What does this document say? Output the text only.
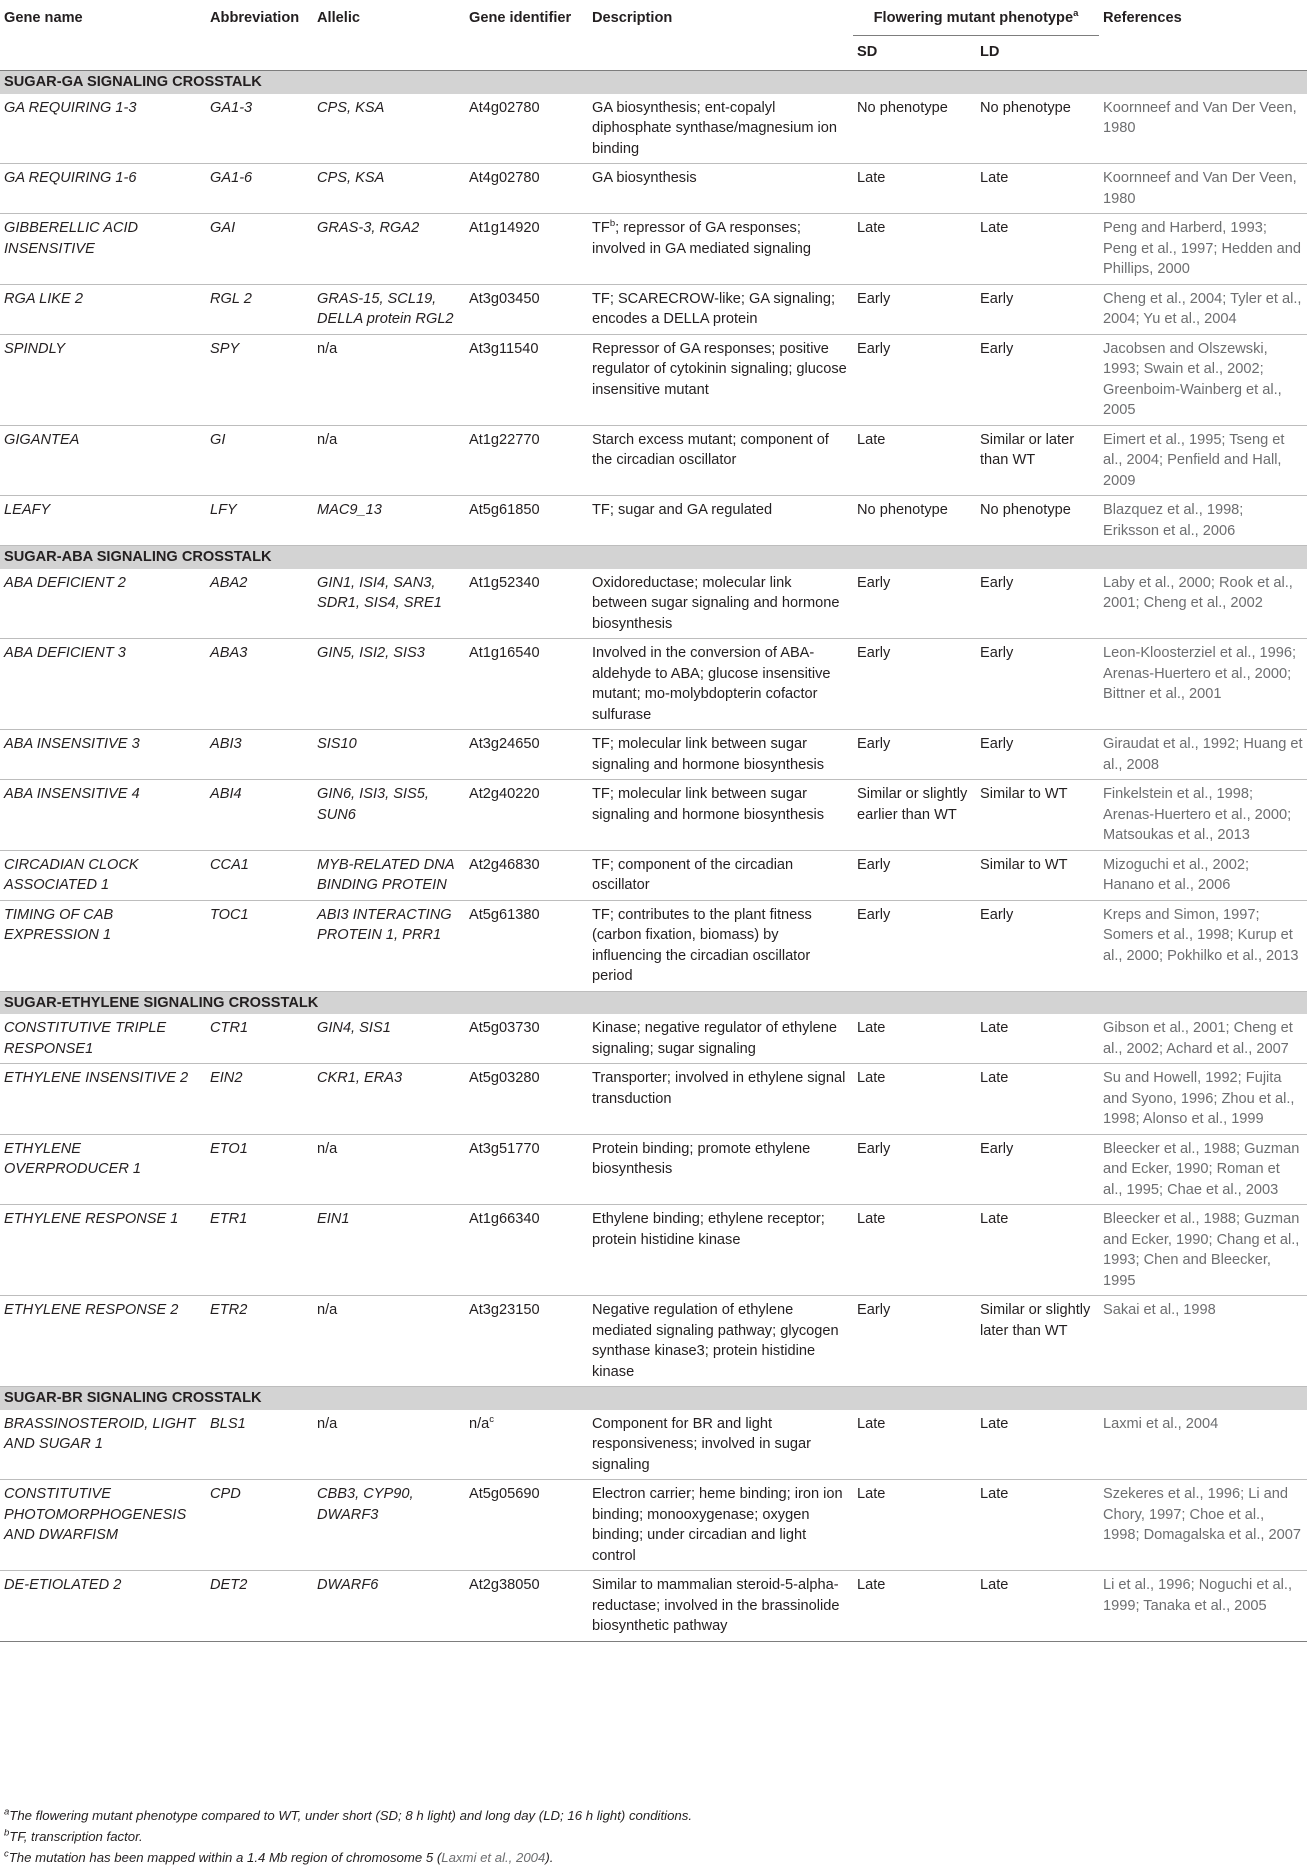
Gene name	Abbreviation	Allelic	Gene identifier	Description	Flowering mutant phenotype$^a$		References
					SD	LD	
SUGAR-GA SIGNALING CROSSTALK							
GA REQUIRING 1-3	GA1-3	CPS, KSA	At4g02780	GA biosynthesis; ent-copalyl diphosphate synthase/magnesium ion binding	No phenotype	No phenotype	Koornneef and Van Der Veen, 1980
GA REQUIRING 1-6	GA1-6	CPS, KSA	At4g02780	GA biosynthesis	Late	Late	Koornneef and Van Der Veen, 1980
GIBBERELLIC ACID INSENSITIVE	GAI	GRAS-3, RGA2	At1g14920	$TF^b$; repressor of GA responses; involved in GA mediated signaling	Late	Late	Peng and Harberd, 1993; Peng et al., 1997; Hedden and Phillips, 2000
RGA LIKE 2	RGL 2	GRAS-15, SCL19, DELLA protein RGL2	At3g03450	TF; SCARECROW-like; GA signaling; encodes a DELLA protein	Early	Early	Cheng et al., 2004; Tyler et al., 2004; Yu et al., 2004
SPINDLY	SPY	n/a	At3g11540	Repressor of GA responses; positive regulator of cytokinin signaling; glucose insensitive mutant	Early	Early	Jacobsen and Olszewski, 1993; Swain et al., 2002; Greenboim-Wainberg et al., 2005
GIGANTEA	GI	n/a	At1g22770	Starch excess mutant; component of the circadian oscillator	Late	Similar or later than WT	Eimert et al., 1995; Tseng et al., 2004; Penfield and Hall, 2009
LEAFY	LFY	MAC9_13	At5g61850	TF; sugar and GA regulated	No phenotype	No phenotype	Blazquez et al., 1998; Eriksson et al., 2006
SUGAR-ABA SIGNALING CROSSTALK							
ABA DEFICIENT 2	ABA2	GIN1, ISI4, SAN3, SDR1, SIS4, SRE1	At1g52340	Oxidoreductase; molecular link between sugar signaling and hormone biosynthesis	Early	Early	Laby et al., 2000; Rook et al., 2001; Cheng et al., 2002
ABA DEFICIENT 3	ABA3	GIN5, ISI2, SIS3	At1g16540	Involved in the conversion of ABA-aldehyde to ABA; glucose insensitive mutant; mo-molybdopterin cofactor sulfurase	Early	Early	Leon-Kloosterziel et al., 1996; Arenas-Huertero et al., 2000; Bittner et al., 2001
ABA INSENSITIVE 3	ABI3	SIS10	At3g24650	TF; molecular link between sugar signaling and hormone biosynthesis	Early	Early	Giraudat et al., 1992; Huang et al., 2008
ABA INSENSITIVE 4	ABI4	GIN6, ISI3, SIS5, SUN6	At2g40220	TF; molecular link between sugar signaling and hormone biosynthesis	Similar or slightly earlier than WT	Similar to WT	Finkelstein et al., 1998; Arenas-Huertero et al., 2000; Matsoukas et al., 2013
CIRCADIAN CLOCK ASSOCIATED 1	CCA1	MYB-RELATED DNA BINDING PROTEIN	At2g46830	TF; component of the circadian oscillator	Early	Similar to WT	Mizoguchi et al., 2002; Hanano et al., 2006
TIMING OF CAB EXPRESSION 1	TOC1	ABI3 INTERACTING PROTEIN 1, PRR1	At5g61380	TF; contributes to the plant fitness (carbon fixation, biomass) by influencing the circadian oscillator period	Early	Early	Kreps and Simon, 1997; Somers et al., 1998; Kurup et al., 2000; Pokhilko et al., 2013
SUGAR-ETHYLENE SIGNALING CROSSTALK							
CONSTITUTIVE TRIPLE RESPONSE1	CTR1	GIN4, SIS1	At5g03730	Kinase; negative regulator of ethylene signaling; sugar signaling	Late	Late	Gibson et al., 2001; Cheng et al., 2002; Achard et al., 2007
ETHYLENE INSENSITIVE 2	EIN2	CKR1, ERA3	At5g03280	Transporter; involved in ethylene signal transduction	Late	Late	Su and Howell, 1992; Fujita and Syono, 1996; Zhou et al., 1998; Alonso et al., 1999
ETHYLENE OVERPRODUCER 1	ETO1	n/a	At3g51770	Protein binding; promote ethylene biosynthesis	Early	Early	Bleecker et al., 1988; Guzman and Ecker, 1990; Roman et al., 1995; Chae et al., 2003
ETHYLENE RESPONSE 1	ETR1	EIN1	At1g66340	Ethylene binding; ethylene receptor; protein histidine kinase	Late	Late	Bleecker et al., 1988; Guzman and Ecker, 1990; Chang et al., 1993; Chen and Bleecker, 1995
ETHYLENE RESPONSE 2	ETR2	n/a	At3g23150	Negative regulation of ethylene mediated signaling pathway; glycogen synthase kinase3; protein histidine kinase	Early	Similar or slightly later than WT	Sakai et al., 1998
SUGAR-BR SIGNALING CROSSTALK							
BRASSINOSTEROID, LIGHT AND SUGAR 1	BLS1	n/a	$n/a^c$	Component for BR and light responsiveness; involved in sugar signaling	Late	Late	Laxmi et al., 2004
CONSTITUTIVE PHOTOMORPHOGENESIS AND DWARFISM	CPD	CBB3, CYP90, DWARF3	At5g05690	Electron carrier; heme binding; iron ion binding; monooxygenase; oxygen binding; under circadian and light control	Late	Late	Szekeres et al., 1996; Li and Chory, 1997; Choe et al., 1998; Domagalska et al., 2007
DE-ETIOLATED 2	DET2	DWARF6	At2g38050	Similar to mammalian steroid-5-alpha-reductase; involved in the brassinolide biosynthetic pathway	Late	Late	Li et al., 1996; Noguchi et al., 1999; Tanaka et al., 2005
$^a$The flowering mutant phenotype compared to WT, under short (SD; 8 h light) and long day (LD; 16 h light) conditions.
$^b$TF, transcription factor.
$^c$The mutation has been mapped within a 1.4 Mb region of chromosome 5 (Laxmi et al., 2004).
